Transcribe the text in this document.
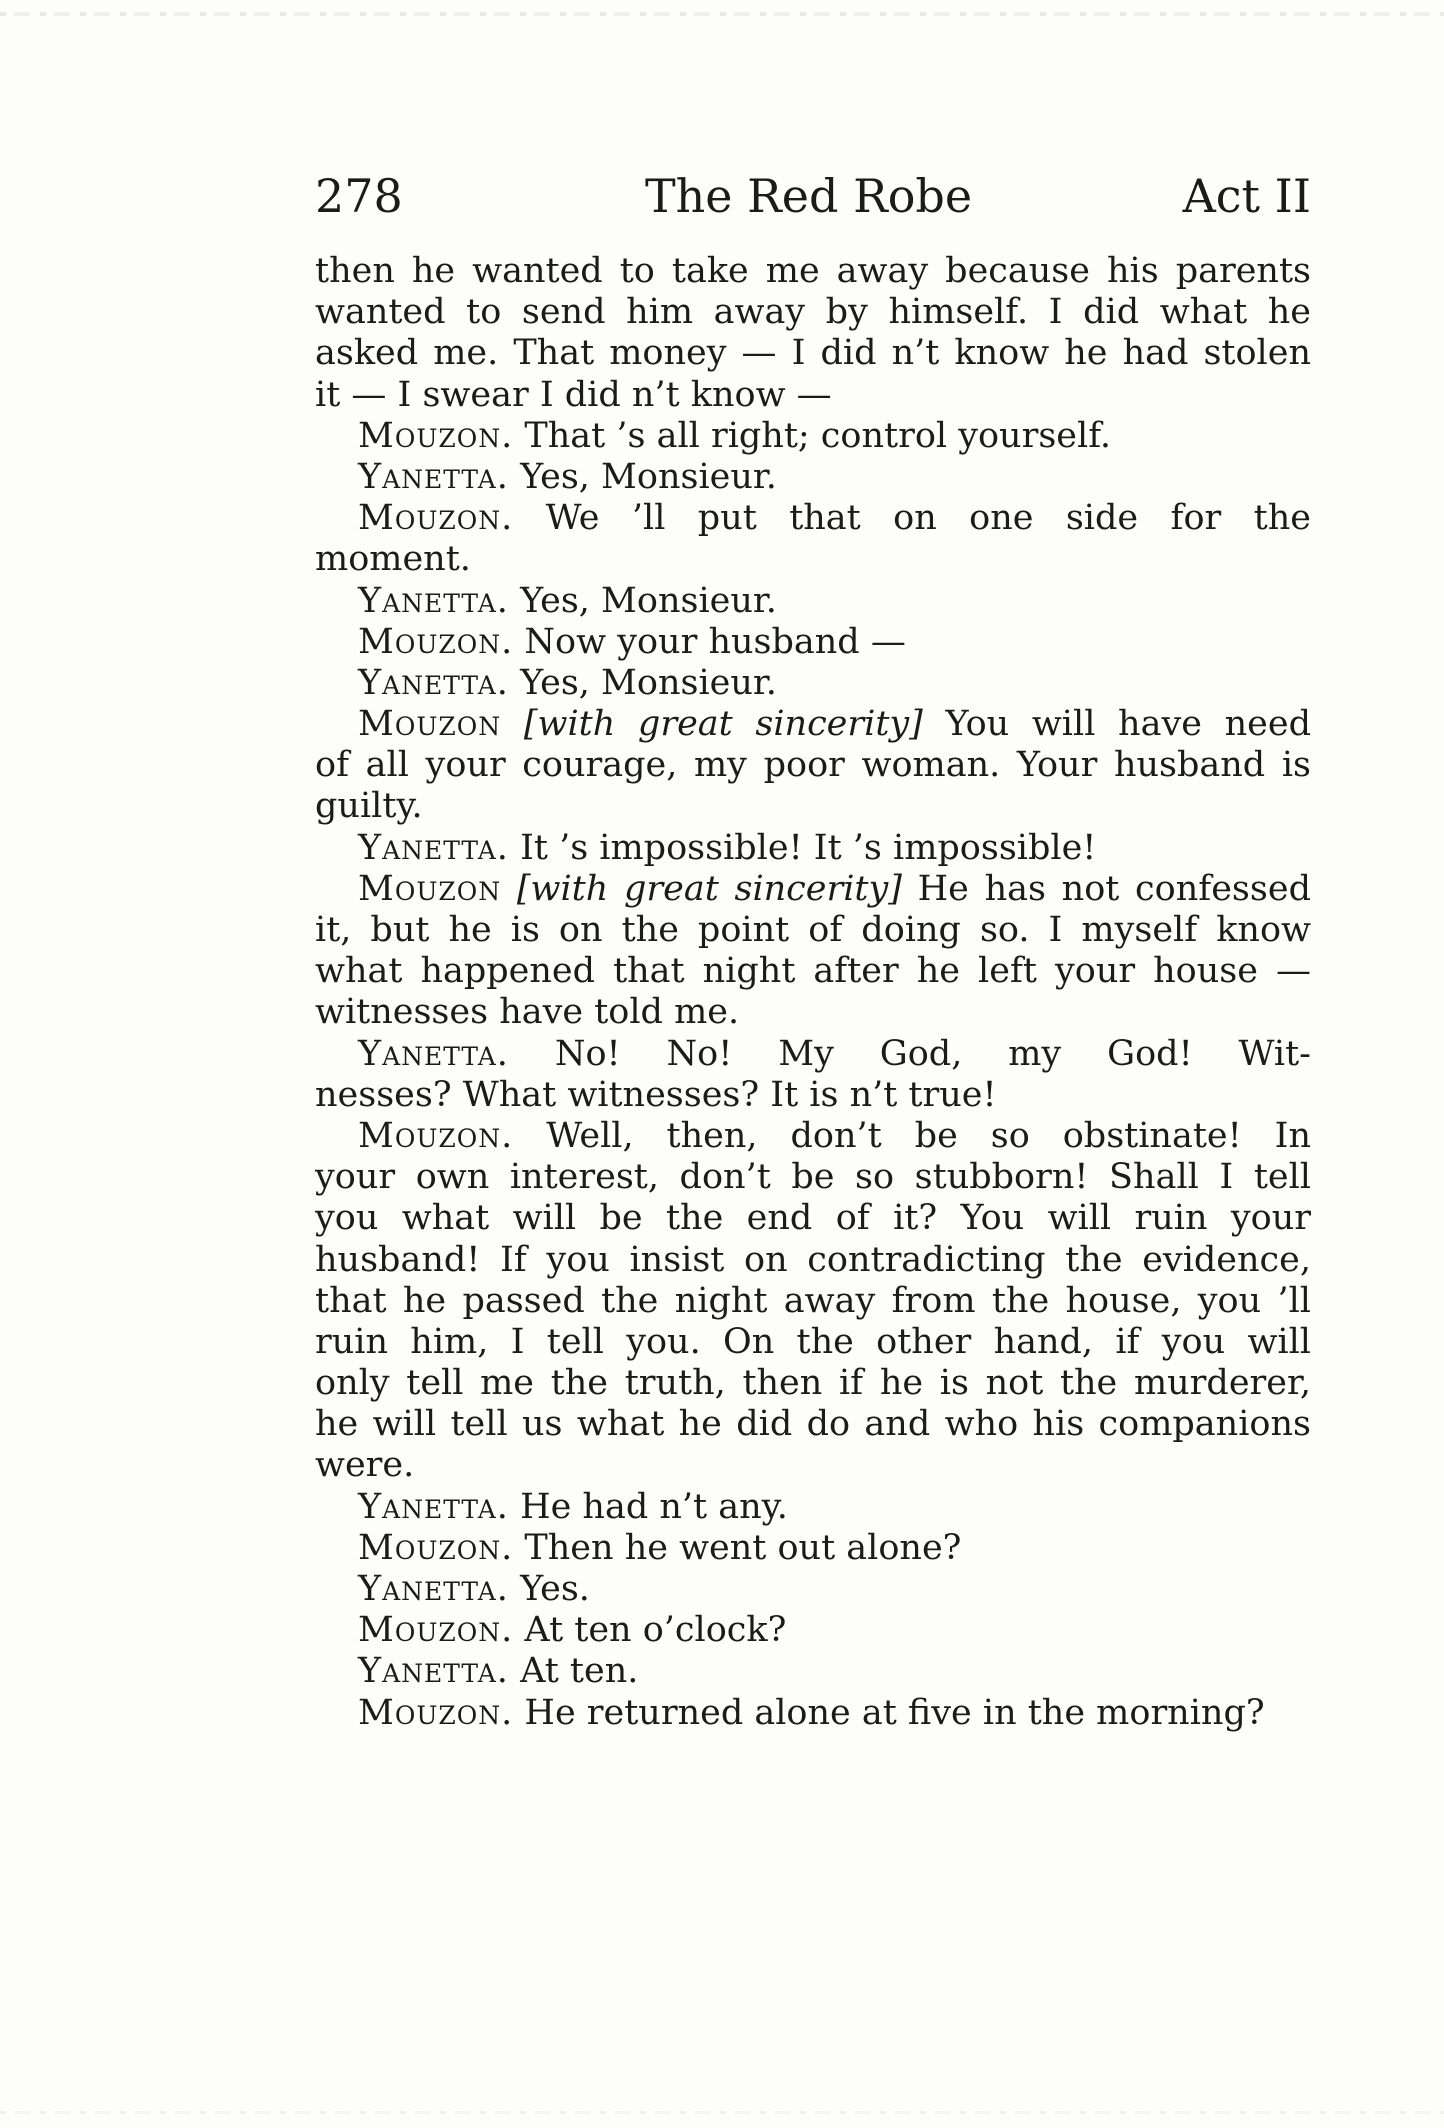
278	The Red Robe	Act II
then he wanted to take me away because his parents
wanted to send him away by himself. I did what he
asked me. That money — I did n’t know he had stolen
it — I swear I did n’t know —
Mouzon. That ’s all right; control yourself.
Yanetta. Yes, Monsieur.
Mouzon. We ’ll put that on one side for the
moment.
Yanetta. Yes, Monsieur.
Mouzon. Now your husband —
Yanetta. Yes, Monsieur.
Mouzon [with great sincerity] You will have need
of all your courage, my poor woman. Your husband is
guilty.
Yanetta. It ’s impossible! It ’s impossible!
Mouzon [with great sincerity] He has not confessed
it, but he is on the point of doing so. I myself know
what happened that night after he left your house —
witnesses have told me.
Yanetta. No! No! My God, my God! Wit-
nesses? What witnesses? It is n’t true!
Mouzon. Well, then, don’t be so obstinate! In
your own interest, don’t be so stubborn! Shall I tell
you what will be the end of it? You will ruin your
husband! If you insist on contradicting the evidence,
that he passed the night away from the house, you ’ll
ruin him, I tell you. On the other hand, if you will
only tell me the truth, then if he is not the murderer,
he will tell us what he did do and who his companions
were.
Yanetta. He had n’t any.
Mouzon. Then he went out alone?
Yanetta. Yes.
Mouzon. At ten o’clock?
Yanetta. At ten.
Mouzon. He returned alone at five in the morning?
